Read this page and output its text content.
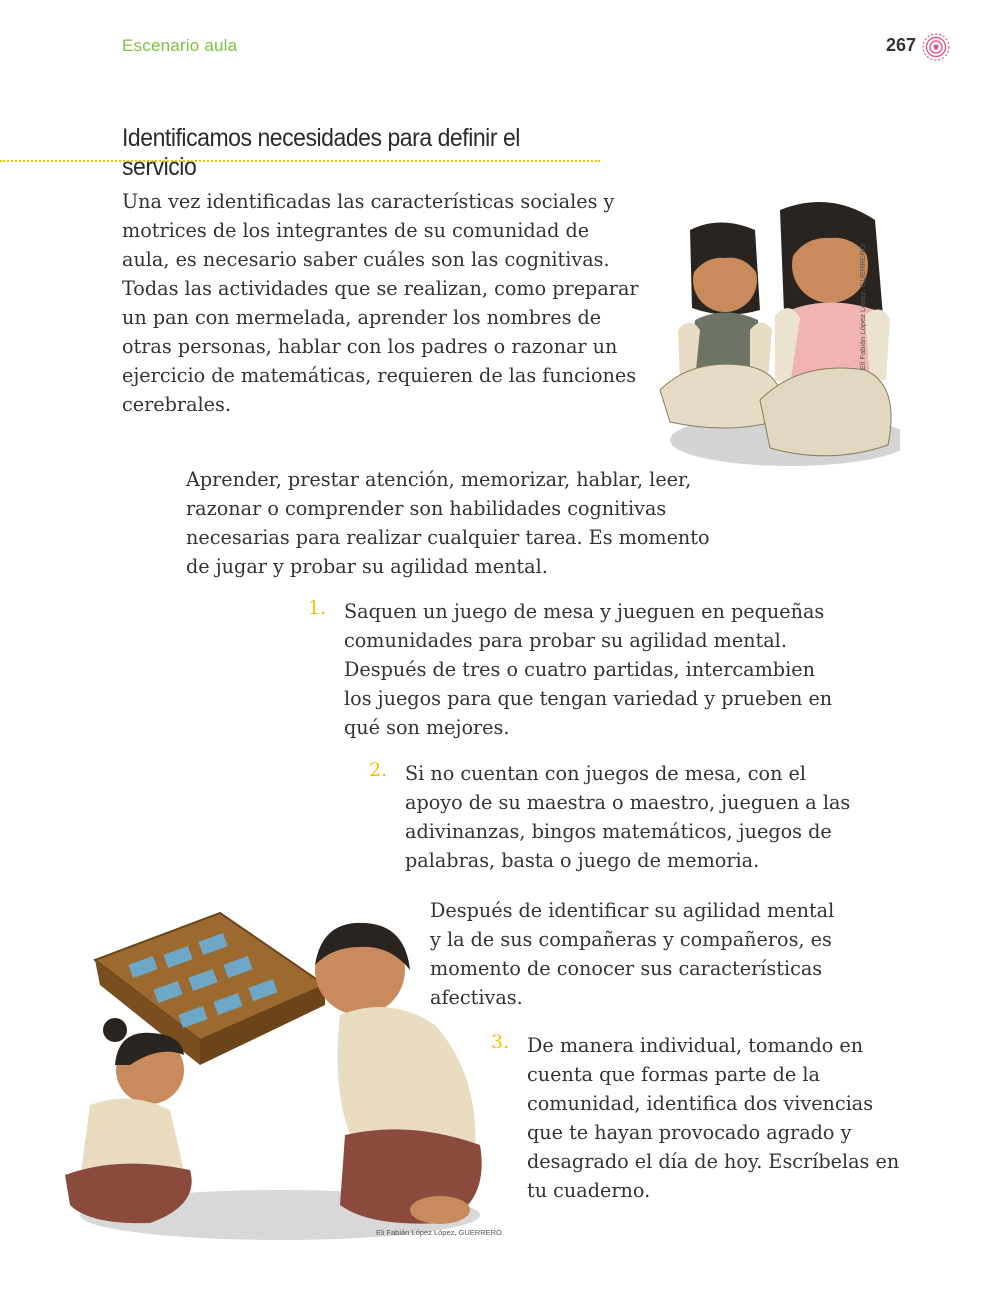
Escenario aula	267
Identificamos necesidades para definir el servicio
Una vez identificadas las características sociales y motrices de los integrantes de su comunidad de aula, es necesario saber cuáles son las cognitivas. Todas las actividades que se realizan, como preparar un pan con mermelada, aprender los nombres de otras personas, hablar con los padres o razonar un ejercicio de matemáticas, requieren de las funciones cerebrales.
Aprender, prestar atención, memorizar, hablar, leer, razonar o comprender son habilidades cognitivas necesarias para realizar cualquier tarea. Es momento de jugar y probar su agilidad mental.
1. Saquen un juego de mesa y jueguen en pequeñas comunidades para probar su agilidad mental. Después de tres o cuatro partidas, intercambien los juegos para que tengan variedad y prueben en qué son mejores.
2. Si no cuentan con juegos de mesa, con el apoyo de su maestra o maestro, jueguen a las adivinanzas, bingos matemáticos, juegos de palabras, basta o juego de memoria.
Después de identificar su agilidad mental y la de sus compañeras y compañeros, es momento de conocer sus características afectivas.
3. De manera individual, tomando en cuenta que formas parte de la comunidad, identifica dos vivencias que te hayan provocado agrado y desagrado el día de hoy. Escríbelas en tu cuaderno.
Eli Fabián López López, GUERRERO
Eli Fabián López López, GUERRERO
